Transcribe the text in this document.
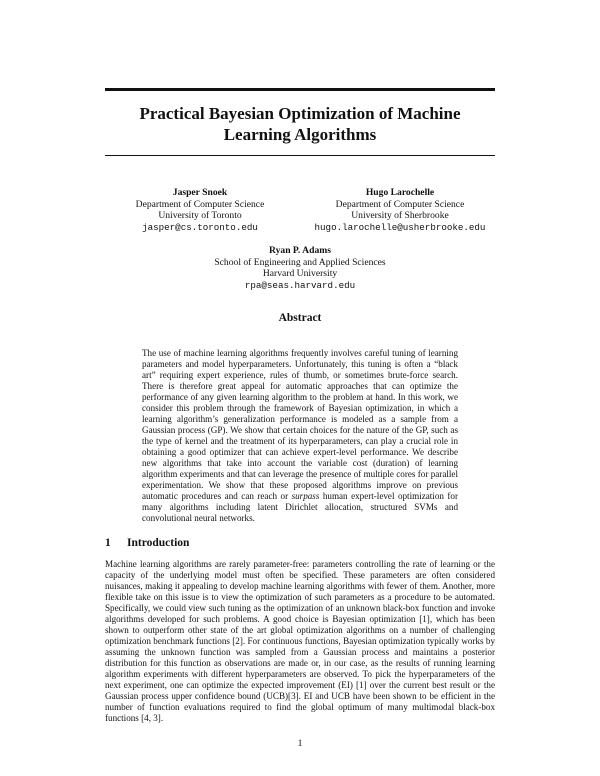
Practical Bayesian Optimization of Machine Learning Algorithms
Jasper Snoek
Department of Computer Science
University of Toronto
jasper@cs.toronto.edu
Hugo Larochelle
Department of Computer Science
University of Sherbrooke
hugo.larochelle@usherbrooke.edu
Ryan P. Adams
School of Engineering and Applied Sciences
Harvard University
rpa@seas.harvard.edu
Abstract
The use of machine learning algorithms frequently involves careful tuning of learning parameters and model hyperparameters. Unfortunately, this tuning is often a “black art” requiring expert experience, rules of thumb, or sometimes brute-force search. There is therefore great appeal for automatic approaches that can optimize the performance of any given learning algorithm to the problem at hand. In this work, we consider this problem through the framework of Bayesian optimization, in which a learning algorithm’s generalization performance is modeled as a sample from a Gaussian process (GP). We show that certain choices for the nature of the GP, such as the type of kernel and the treatment of its hyperparameters, can play a crucial role in obtaining a good optimizer that can achieve expert-level performance. We describe new algorithms that take into account the variable cost (duration) of learning algorithm experiments and that can leverage the presence of multiple cores for parallel experimentation. We show that these proposed algorithms improve on previous automatic procedures and can reach or surpass human expert-level optimization for many algorithms including latent Dirichlet allocation, structured SVMs and convolutional neural networks.
1 Introduction
Machine learning algorithms are rarely parameter-free: parameters controlling the rate of learning or the capacity of the underlying model must often be specified. These parameters are often considered nuisances, making it appealing to develop machine learning algorithms with fewer of them. Another, more flexible take on this issue is to view the optimization of such parameters as a procedure to be automated. Specifically, we could view such tuning as the optimization of an unknown black-box function and invoke algorithms developed for such problems. A good choice is Bayesian optimization [1], which has been shown to outperform other state of the art global optimization algorithms on a number of challenging optimization benchmark functions [2]. For continuous functions, Bayesian optimization typically works by assuming the unknown function was sampled from a Gaussian process and maintains a posterior distribution for this function as observations are made or, in our case, as the results of running learning algorithm experiments with different hyperparameters are observed. To pick the hyperparameters of the next experiment, one can optimize the expected improvement (EI) [1] over the current best result or the Gaussian process upper confidence bound (UCB)[3]. EI and UCB have been shown to be efficient in the number of function evaluations required to find the global optimum of many multimodal black-box functions [4, 3].
1
